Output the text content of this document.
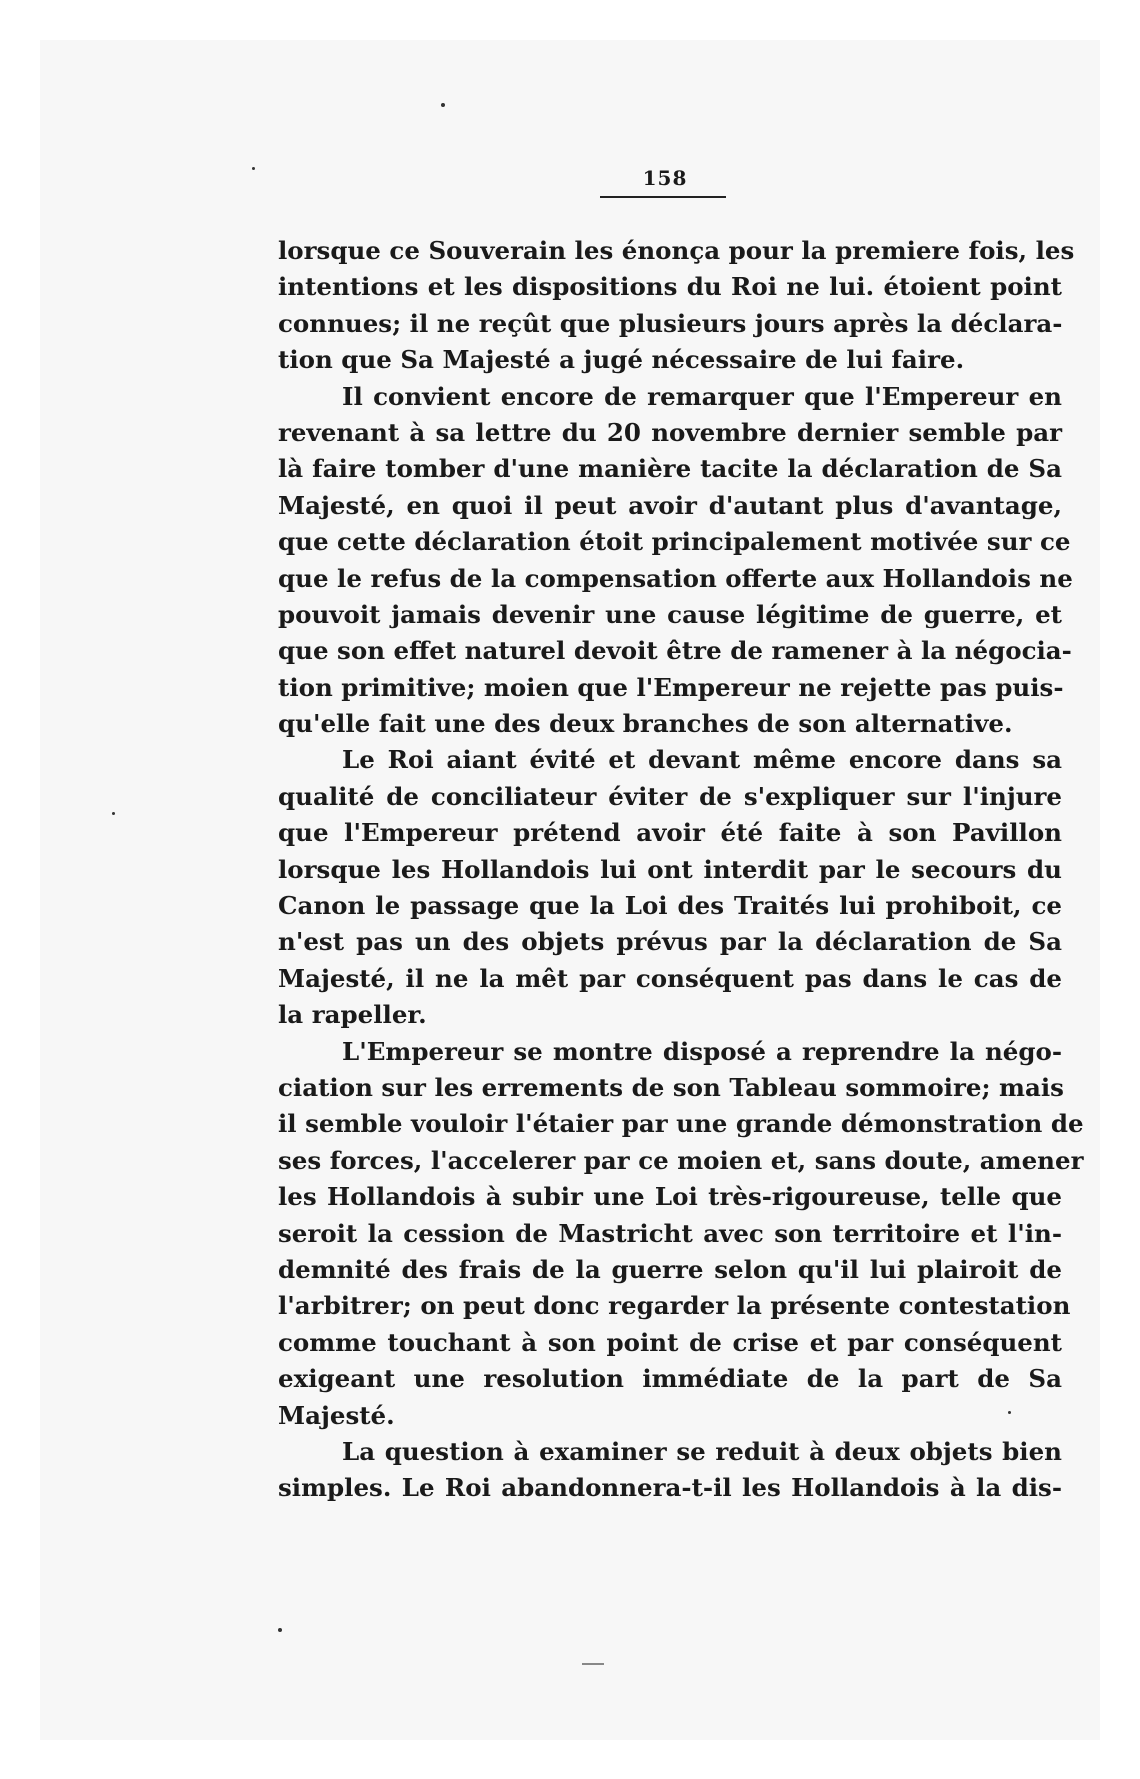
158
lorsque ce Souverain les énonça pour la premiere fois, les
intentions et les dispositions du Roi ne lui. étoient point
connues; il ne reçût que plusieurs jours après la déclara-
tion que Sa Majesté a jugé nécessaire de lui faire.
Il convient encore de remarquer que l'Empereur en
revenant à sa lettre du 20 novembre dernier semble par
là faire tomber d'une manière tacite la déclaration de Sa
Majesté, en quoi il peut avoir d'autant plus d'avantage,
que cette déclaration étoit principalement motivée sur ce
que le refus de la compensation offerte aux Hollandois ne
pouvoit jamais devenir une cause légitime de guerre, et
que son effet naturel devoit être de ramener à la négocia-
tion primitive; moien que l'Empereur ne rejette pas puis-
qu'elle fait une des deux branches de son alternative.
Le Roi aiant évité et devant même encore dans sa
qualité de conciliateur éviter de s'expliquer sur l'injure
que l'Empereur prétend avoir été faite à son Pavillon
lorsque les Hollandois lui ont interdit par le secours du
Canon le passage que la Loi des Traités lui prohiboit, ce
n'est pas un des objets prévus par la déclaration de Sa
Majesté, il ne la mêt par conséquent pas dans le cas de
la rapeller.
L'Empereur se montre disposé a reprendre la négo-
ciation sur les errements de son Tableau sommoire; mais
il semble vouloir l'étaier par une grande démonstration de
ses forces, l'accelerer par ce moien et, sans doute, amener
les Hollandois à subir une Loi très-rigoureuse, telle que
seroit la cession de Mastricht avec son territoire et l'in-
demnité des frais de la guerre selon qu'il lui plairoit de
l'arbitrer; on peut donc regarder la présente contestation
comme touchant à son point de crise et par conséquent
exigeant une resolution immédiate de la part de Sa
Majesté.
La question à examiner se reduit à deux objets bien
simples. Le Roi abandonnera-t-il les Hollandois à la dis-
